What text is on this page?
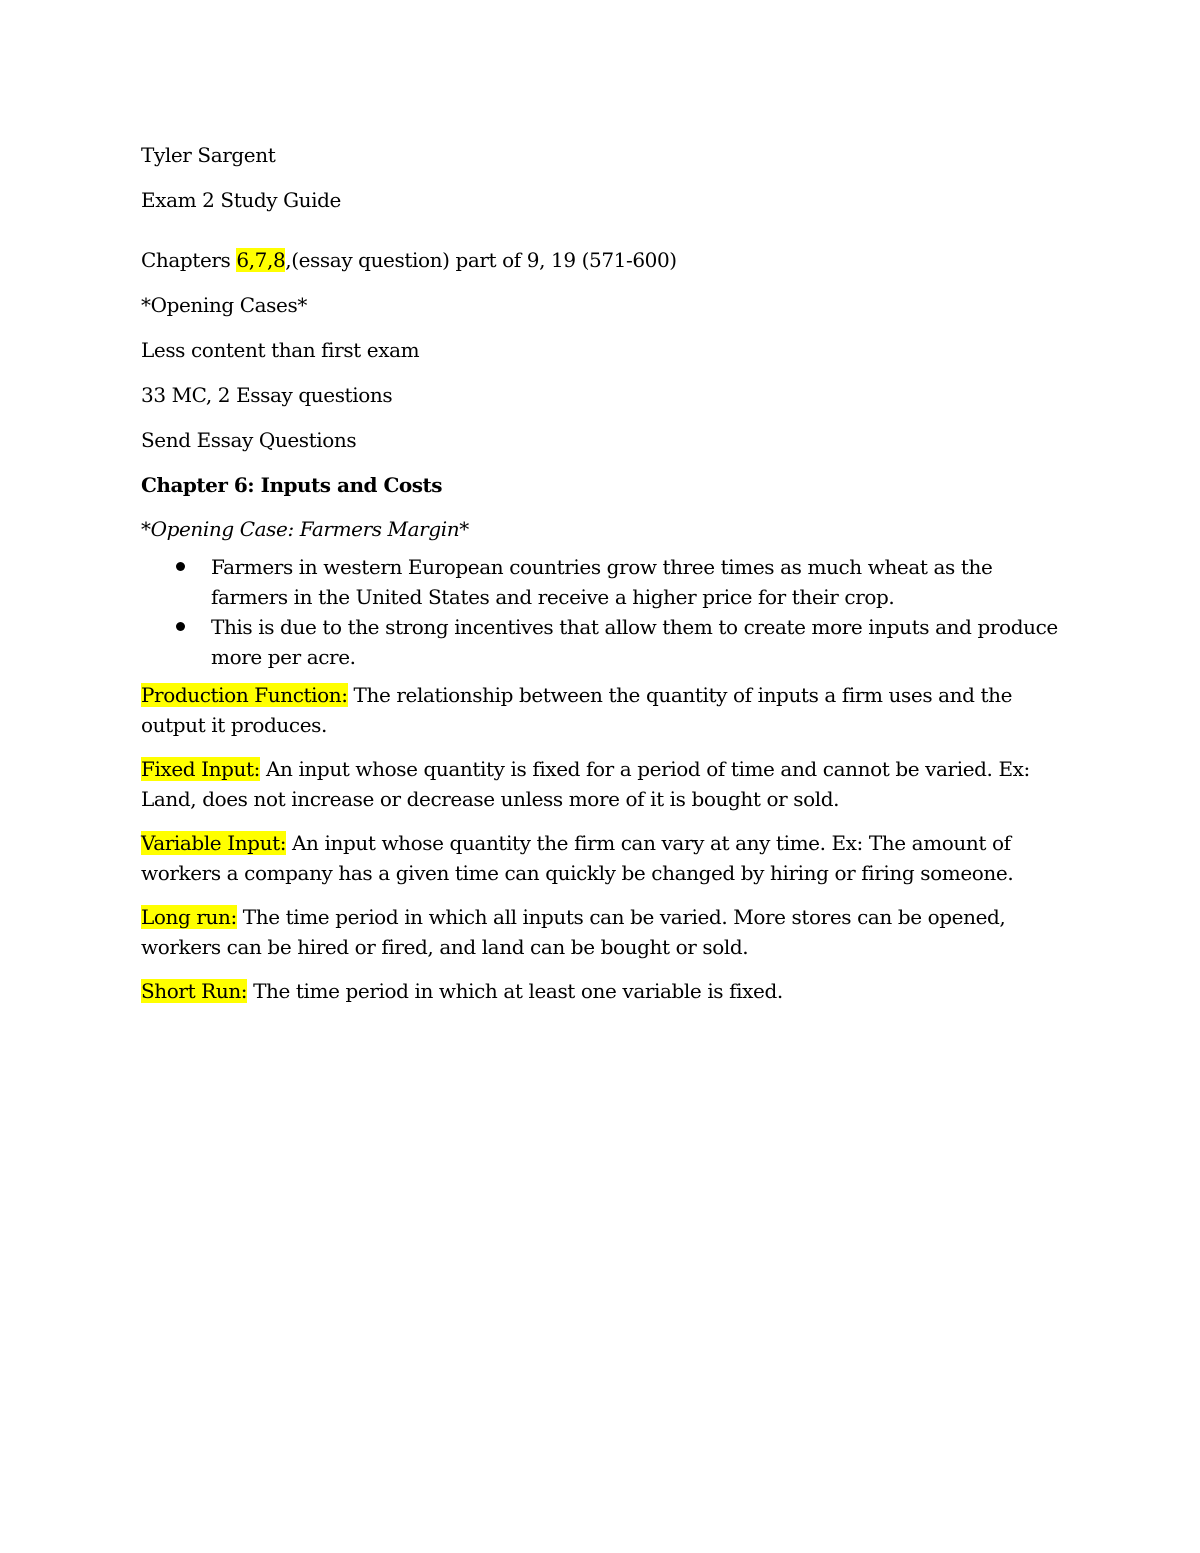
Tyler Sargent
Exam 2 Study Guide
Chapters 6,7,8,(essay question) part of 9, 19 (571-600)
*Opening Cases*
Less content than first exam
33 MC, 2 Essay questions
Send Essay Questions
Chapter 6: Inputs and Costs
*Opening Case: Farmers Margin*
Farmers in western European countries grow three times as much wheat as the farmers in the United States and receive a higher price for their crop.
This is due to the strong incentives that allow them to create more inputs and produce more per acre.
Production Function: The relationship between the quantity of inputs a firm uses and the output it produces.
Fixed Input: An input whose quantity is fixed for a period of time and cannot be varied. Ex: Land, does not increase or decrease unless more of it is bought or sold.
Variable Input: An input whose quantity the firm can vary at any time. Ex: The amount of workers a company has a given time can quickly be changed by hiring or firing someone.
Long run: The time period in which all inputs can be varied. More stores can be opened, workers can be hired or fired, and land can be bought or sold.
Short Run: The time period in which at least one variable is fixed.
